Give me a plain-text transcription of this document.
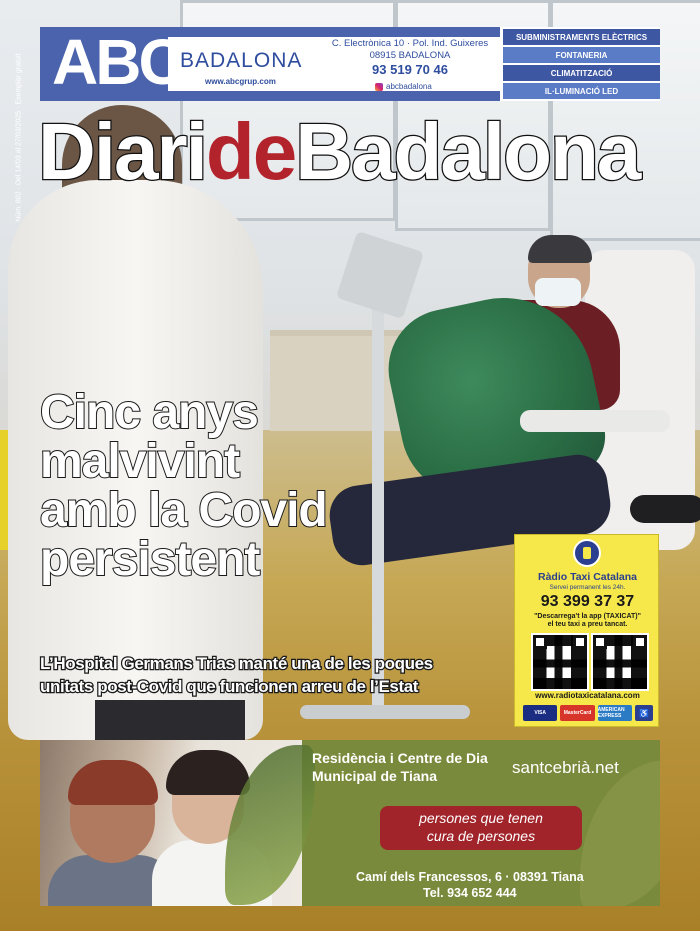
Núm. 802 · Del 14/03 al 27/03/2025 · Exemplar gratuït ABC
BADALONA
www.abcgrup.com
C. Electrònica 10 · Pol. Ind. Guixeres
08915 BADALONA
93 519 70 46
abcbadalona
SUBMINISTRAMENTS ELÈCTRICS
FONTANERIA
CLIMATITZACIÓ
IL·LUMINACIÓ LED
DiarideBadalona
Cinc anys
malvivint
amb la Covid
persistent
L’Hospital Germans Trias manté una de les poques
unitats post-Covid que funcionen arreu de l’Estat
Ràdio Taxi Catalana
Servei permanent les 24h.
93 399 37 37
"Descarrega't la app (TAXICAT)"
el teu taxi a preu tancat.
www.radiotaxicatalana.com
VISA	MasterCard	AMERICAN EXPRESS	♿
Residència i Centre de Dia
Municipal de Tiana	santcebrià.net
persones que tenen
cura de persones
Camí dels Francessos, 6 · 08391 Tiana
Tel. 934 652 444
